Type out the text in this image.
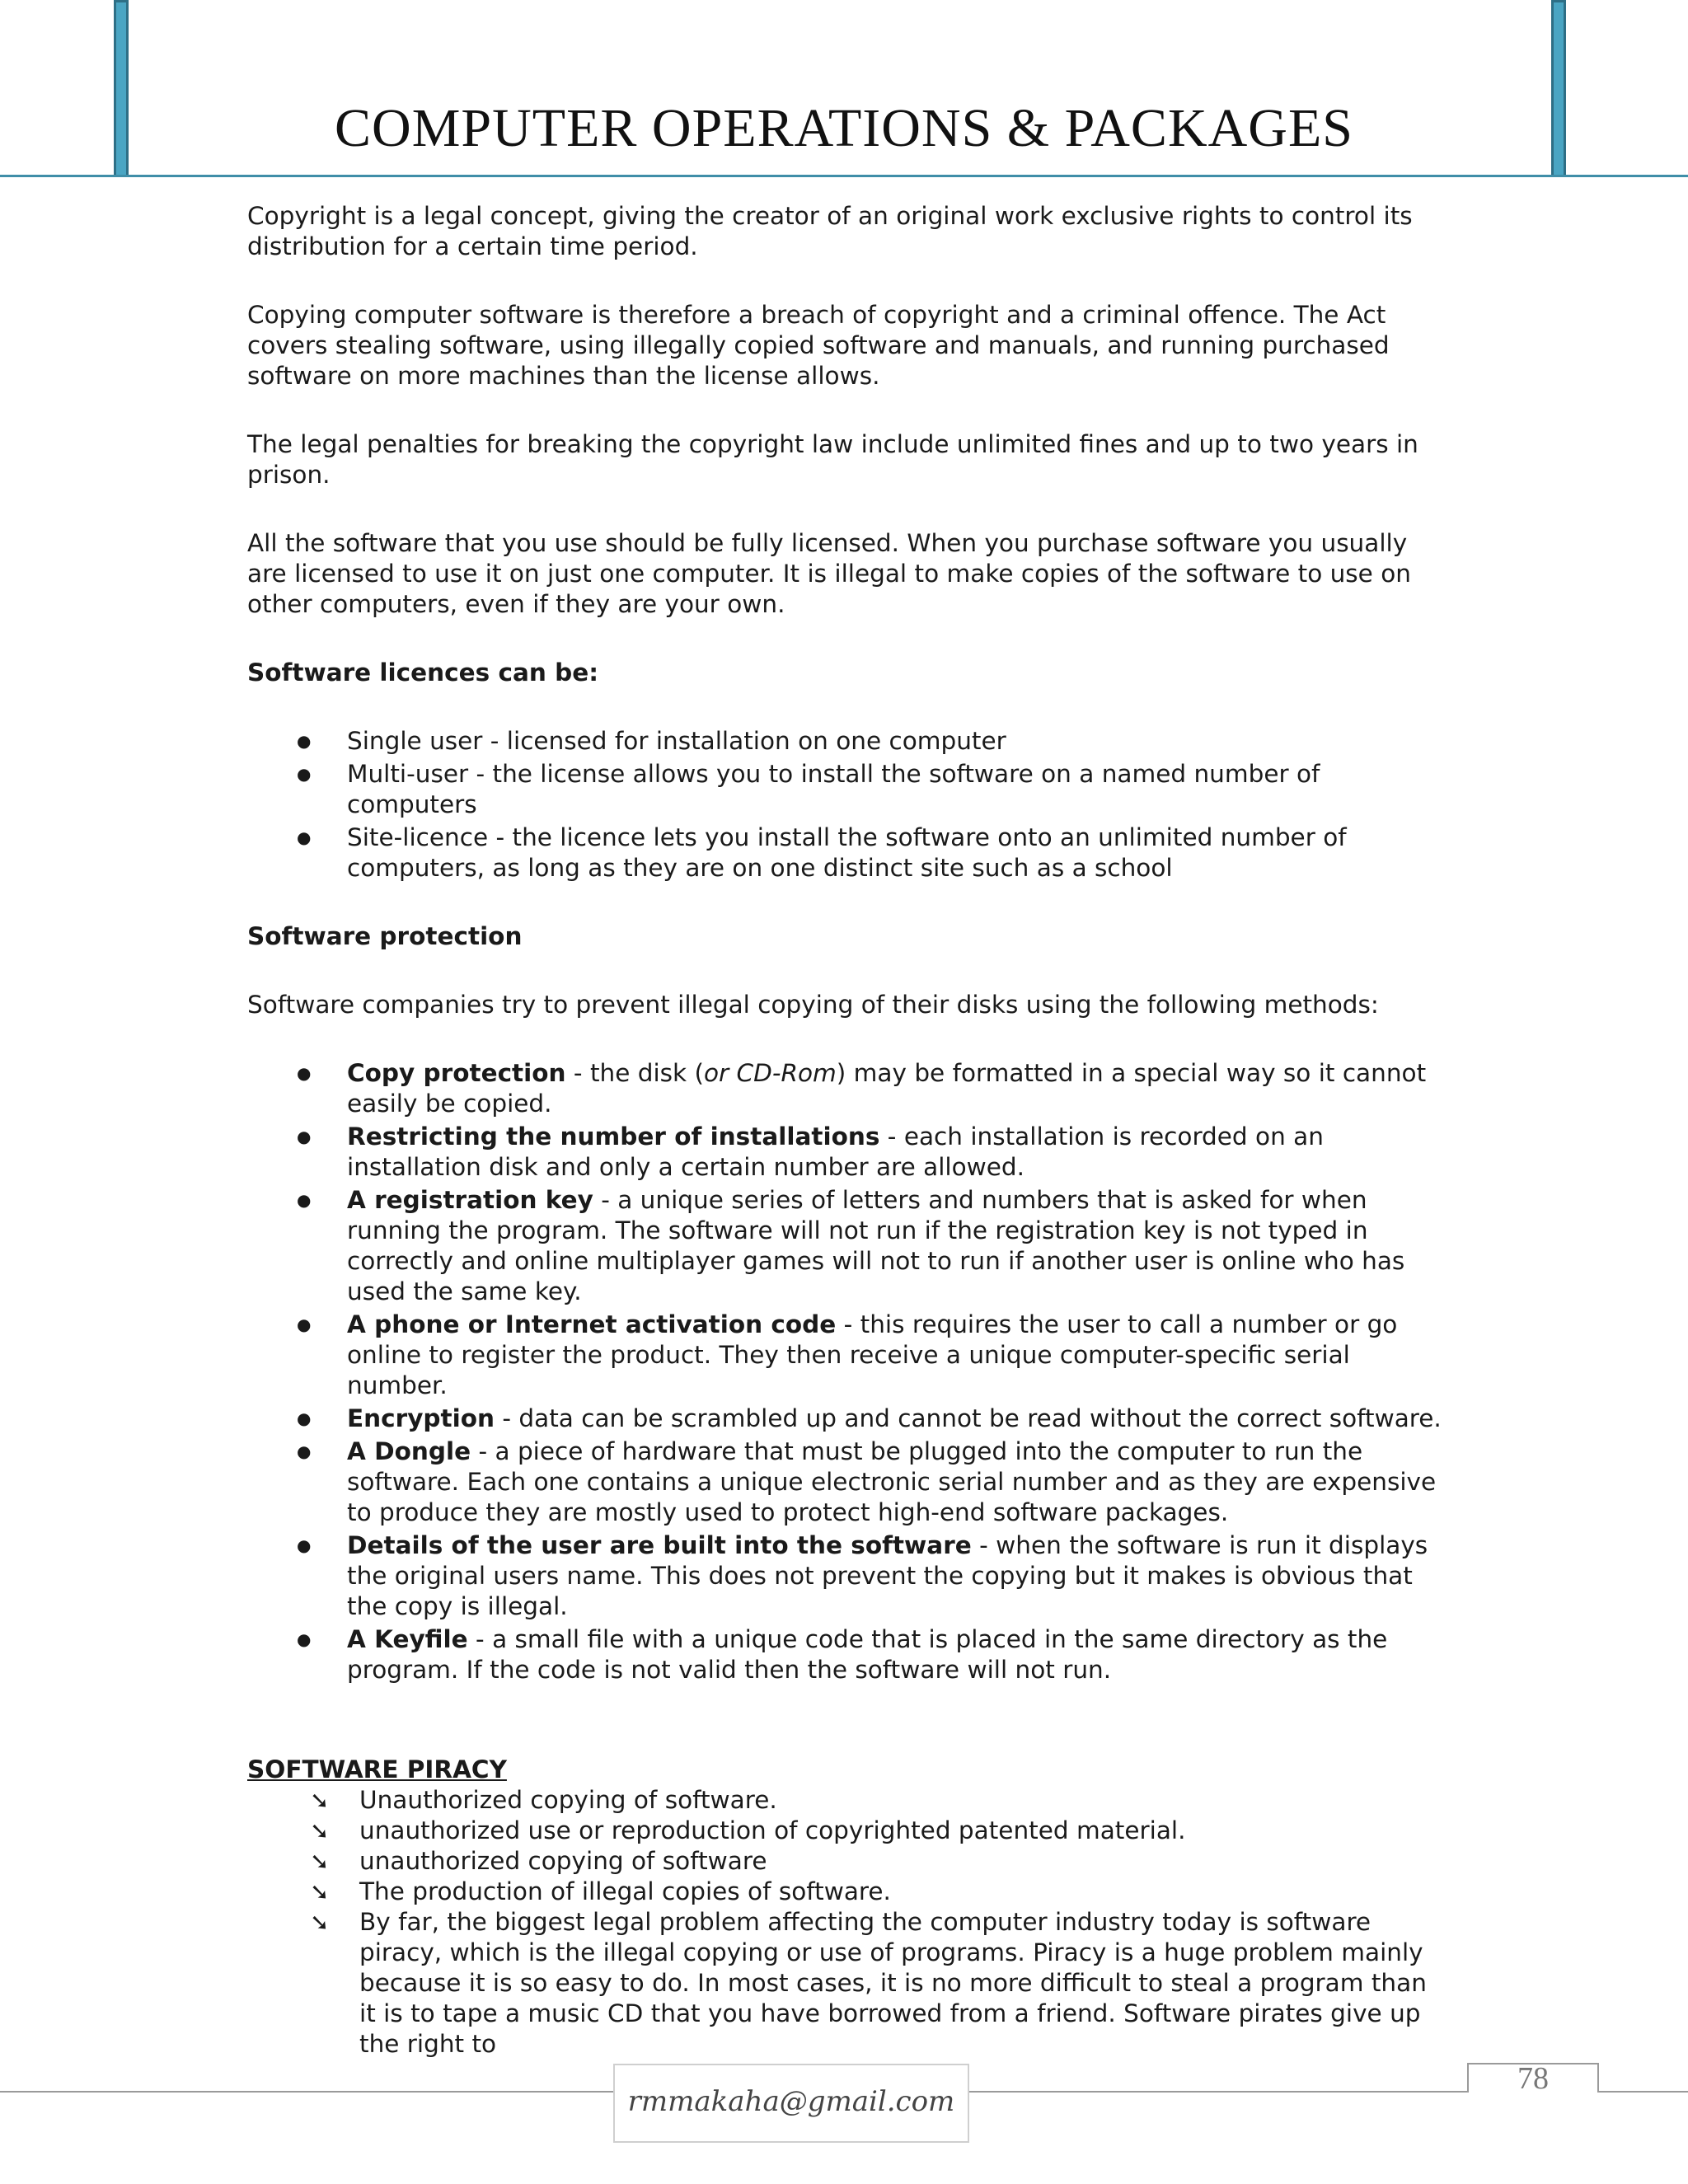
COMPUTER OPERATIONS & PACKAGES

Copyright is a legal concept, giving the creator of an original work exclusive rights to control its distribution for a certain time period.

Copying computer software is therefore a breach of copyright and a criminal offence. The Act covers stealing software, using illegally copied software and manuals, and running purchased software on more machines than the license allows.

The legal penalties for breaking the copyright law include unlimited fines and up to two years in prison.

All the software that you use should be fully licensed. When you purchase software you usually are licensed to use it on just one computer. It is illegal to make copies of the software to use on other computers, even if they are your own.

Software licences can be:

● Single user - licensed for installation on one computer
● Multi-user - the license allows you to install the software on a named number of computers
● Site-licence - the licence lets you install the software onto an unlimited number of computers, as long as they are on one distinct site such as a school

Software protection

Software companies try to prevent illegal copying of their disks using the following methods:

● Copy protection - the disk (or CD-Rom) may be formatted in a special way so it cannot easily be copied.
● Restricting the number of installations - each installation is recorded on an installation disk and only a certain number are allowed.
● A registration key - a unique series of letters and numbers that is asked for when running the program. The software will not run if the registration key is not typed in correctly and online multiplayer games will not to run if another user is online who has used the same key.
● A phone or Internet activation code - this requires the user to call a number or go online to register the product. They then receive a unique computer-specific serial number.
● Encryption - data can be scrambled up and cannot be read without the correct software.
● A Dongle - a piece of hardware that must be plugged into the computer to run the software. Each one contains a unique electronic serial number and as they are expensive to produce they are mostly used to protect high-end software packages.
● Details of the user are built into the software - when the software is run it displays the original users name. This does not prevent the copying but it makes is obvious that the copy is illegal.
● A Keyfile - a small file with a unique code that is placed in the same directory as the program. If the code is not valid then the software will not run.

SOFTWARE PIRACY

➘ Unauthorized copying of software.
➘ unauthorized use or reproduction of copyrighted patented material.
➘ unauthorized copying of software
➘ The production of illegal copies of software.
➘ By far, the biggest legal problem affecting the computer industry today is software piracy, which is the illegal copying or use of programs. Piracy is a huge problem mainly because it is so easy to do. In most cases, it is no more difficult to steal a program than it is to tape a music CD that you have borrowed from a friend. Software pirates give up the right to
rmmakaha@gmail.com
78
